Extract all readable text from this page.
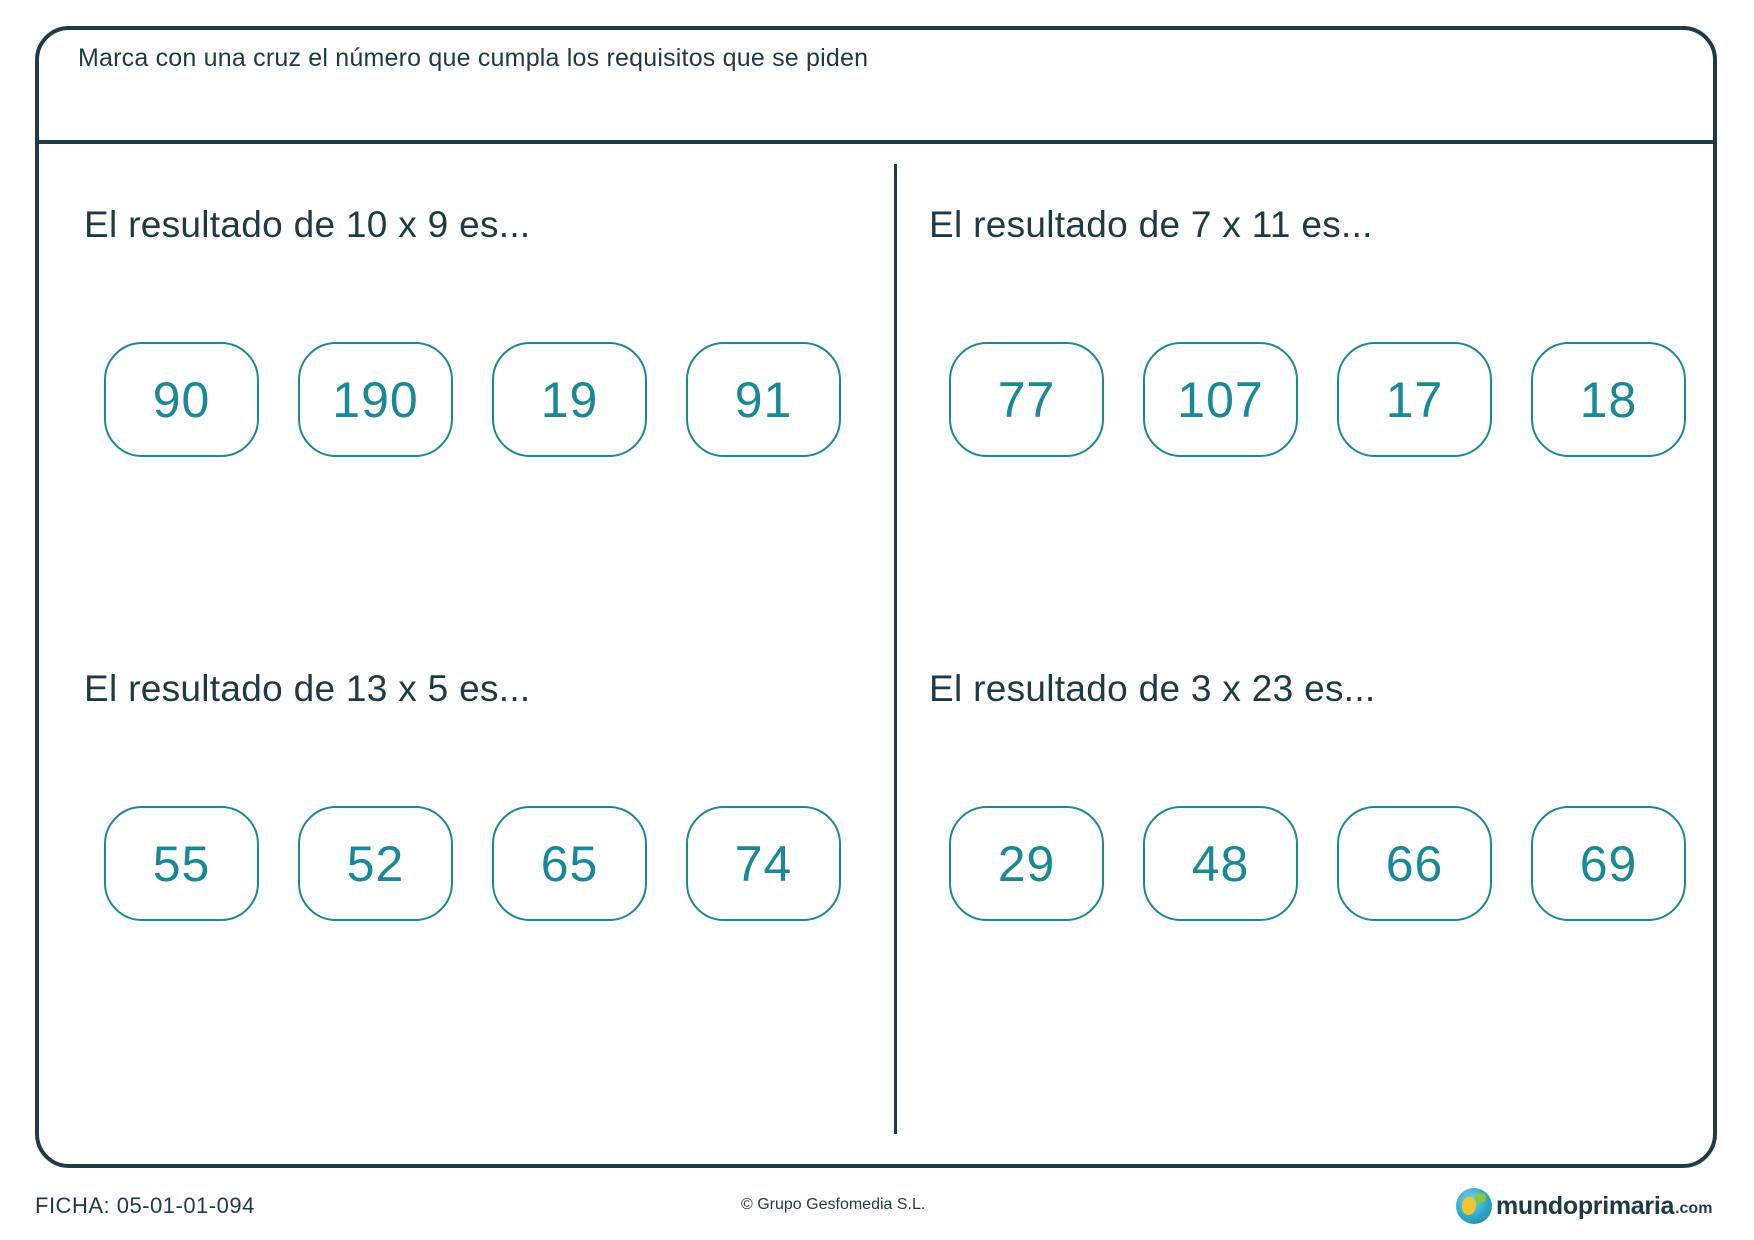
Marca con una cruz el número que cumpla los requisitos que se piden
El resultado de 10 x 9 es...
90	190	19	91
El resultado de 7 x 11 es...
77	107	17	18
El resultado de 13 x 5 es...
55	52	65	74
El resultado de 3 x 23 es...
29	48	66	69
FICHA: 05-01-01-094	© Grupo Gesfomedia S.L.	mundoprimaria .com
